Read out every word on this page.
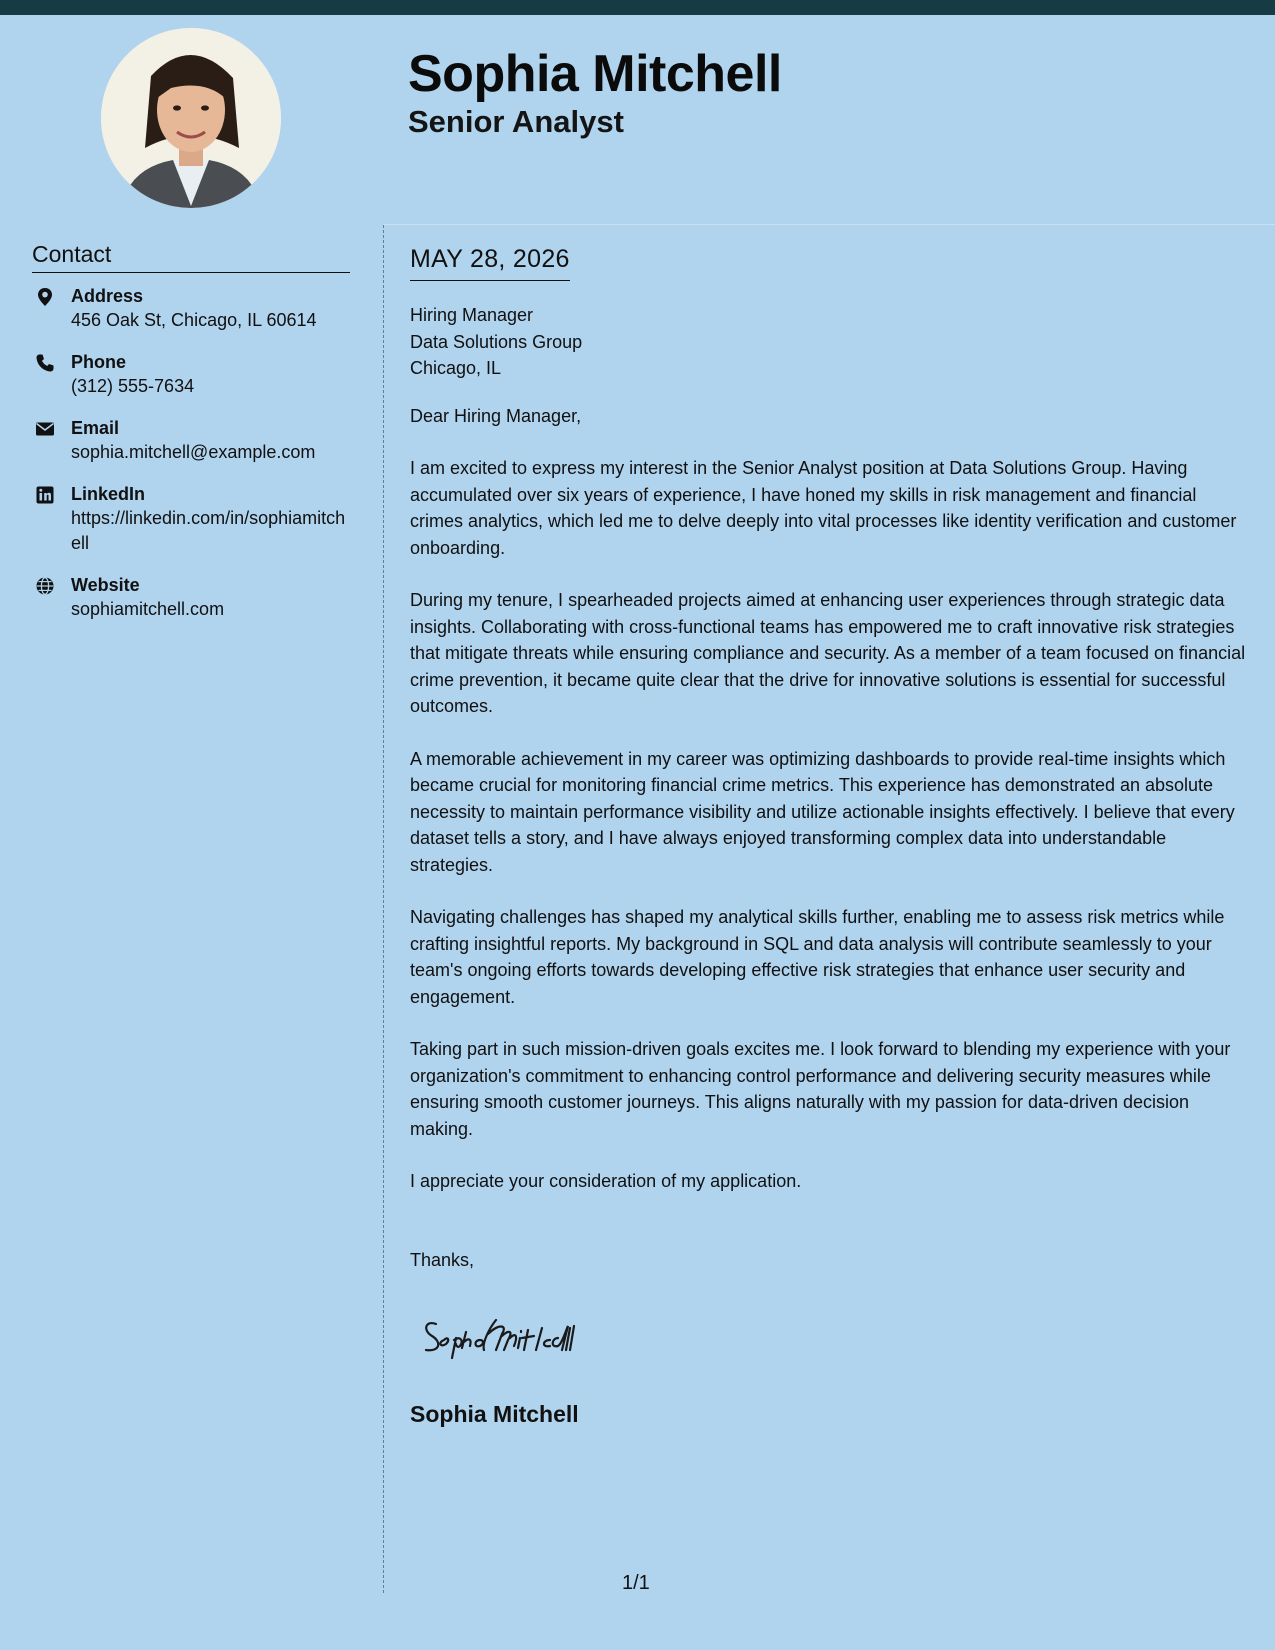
Sophia Mitchell
Senior Analyst
Contact
Address
456 Oak St, Chicago, IL 60614
Phone
(312) 555-7634
Email
sophia.mitchell@example.com
LinkedIn
https://linkedin.com/in/sophiamitchell
Website
sophiamitchell.com
MAY 28, 2026
Hiring Manager
Data Solutions Group
Chicago, IL

Dear Hiring Manager,

I am excited to express my interest in the Senior Analyst position at Data Solutions Group. Having accumulated over six years of experience, I have honed my skills in risk management and financial crimes analytics, which led me to delve deeply into vital processes like identity verification and customer onboarding.

During my tenure, I spearheaded projects aimed at enhancing user experiences through strategic data insights. Collaborating with cross-functional teams has empowered me to craft innovative risk strategies that mitigate threats while ensuring compliance and security. As a member of a team focused on financial crime prevention, it became quite clear that the drive for innovative solutions is essential for successful outcomes.

A memorable achievement in my career was optimizing dashboards to provide real-time insights which became crucial for monitoring financial crime metrics. This experience has demonstrated an absolute necessity to maintain performance visibility and utilize actionable insights effectively. I believe that every dataset tells a story, and I have always enjoyed transforming complex data into understandable strategies.

Navigating challenges has shaped my analytical skills further, enabling me to assess risk metrics while crafting insightful reports. My background in SQL and data analysis will contribute seamlessly to your team's ongoing efforts towards developing effective risk strategies that enhance user security and engagement.

Taking part in such mission-driven goals excites me. I look forward to blending my experience with your organization's commitment to enhancing control performance and delivering security measures while ensuring smooth customer journeys. This aligns naturally with my passion for data-driven decision making.

I appreciate your consideration of my application.

Thanks,

Sophia Mitchell
1/1
